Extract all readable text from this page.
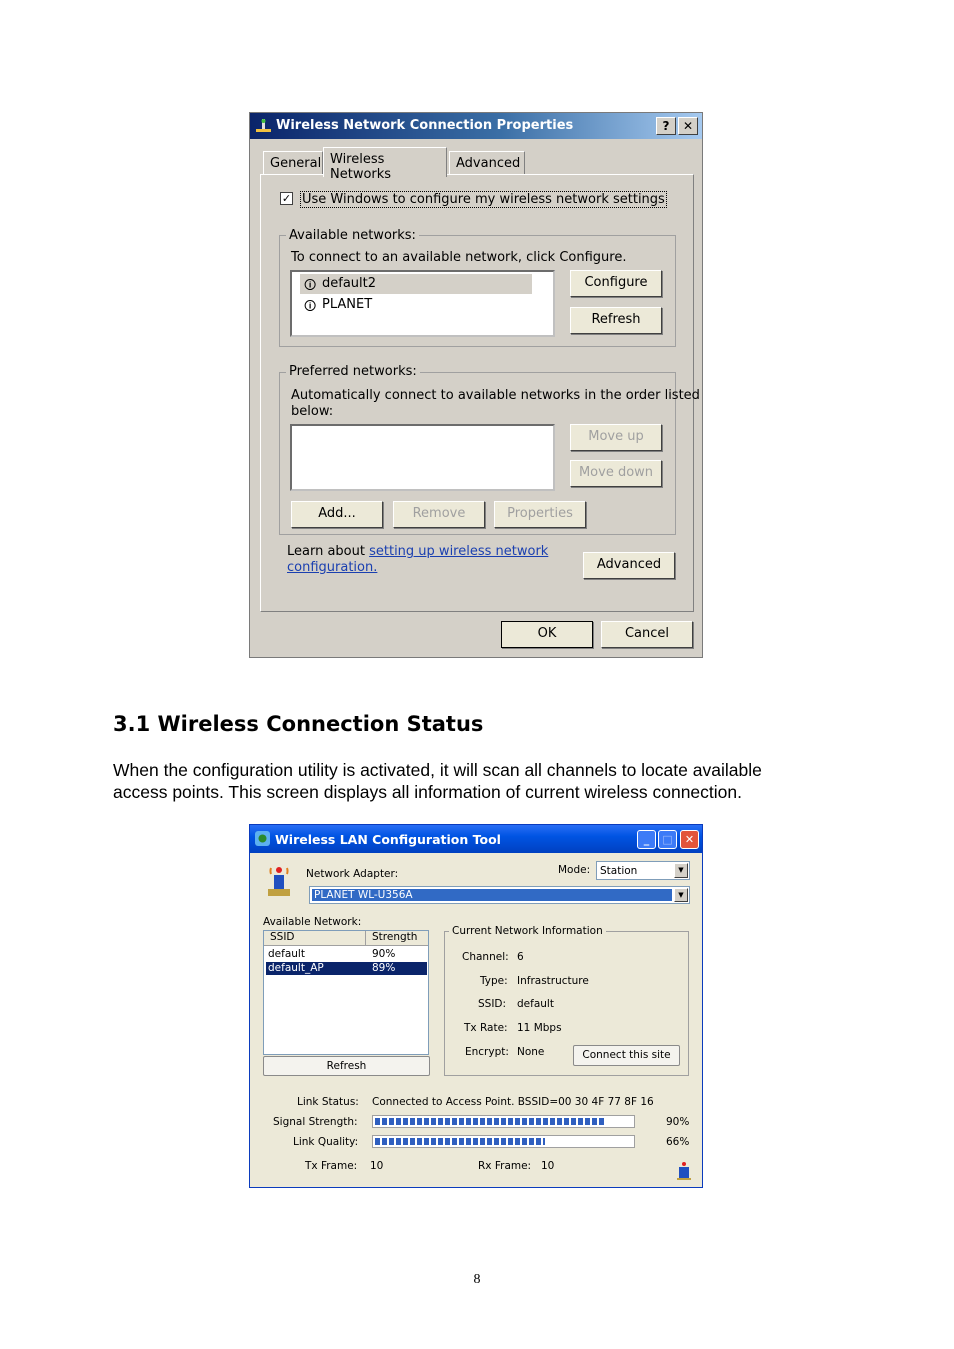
Wireless Network Connection Properties	?	✕
General Wireless Networks
Advanced
✓ Use Windows to configure my wireless network settings
Available networks:
To connect to an available network, click Configure.
🛈 default2
🛈 PLANET
Configure
Refresh
Preferred networks:
Automatically connect to available networks in the order listed
below:
Move up
Move down
Add...	Remove	Properties
Learn about setting up wireless network
configuration.	Advanced
OK	Cancel
3.1 Wireless Connection Status
When the configuration utility is activated, it will scan all channels to locate available
access points. This screen displays all information of current wireless connection.
Wireless LAN Configuration Tool	_	□	✕
Network Adapter:	Mode: Station	▼
PLANET WL-U356A	▼
Available Network:
SSID	Strength
default	90%
default_AP	89%
Refresh
Current Network Information
Channel: 6
Type: Infrastructure
SSID: default
Tx Rate: 11 Mbps
Encrypt: None	Connect this site
Link Status: Connected to Access Point. BSSID=00 30 4F 77 8F 16
Signal Strength:	90%
Link Quality:	66%
Tx Frame: 10	Rx Frame: 10
8
